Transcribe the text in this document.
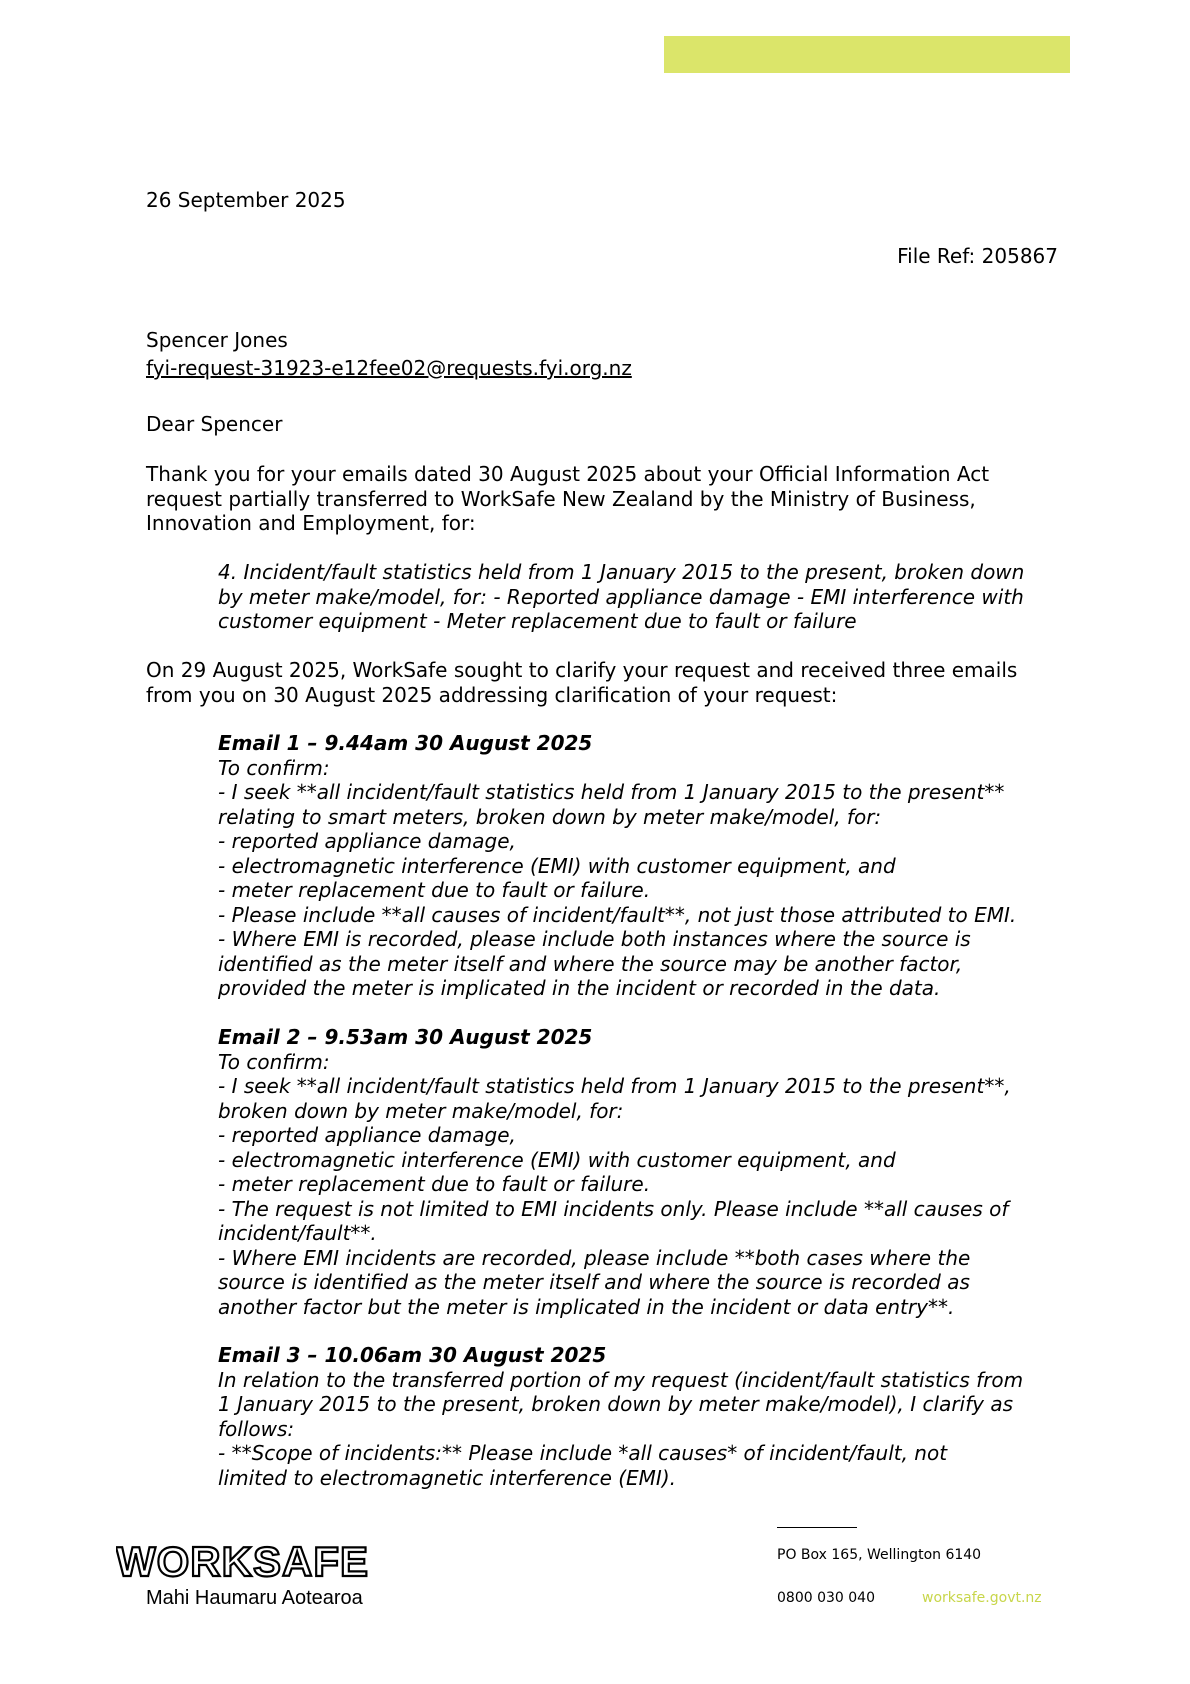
26 September 2025
File Ref: 205867
Spencer Jones
fyi-request-31923-e12fee02@requests.fyi.org.nz
Dear Spencer
Thank you for your emails dated 30 August 2025 about your Official Information Act
request partially transferred to WorkSafe New Zealand by the Ministry of Business,
Innovation and Employment, for:
4. Incident/fault statistics held from 1 January 2015 to the present, broken down
by meter make/model, for: - Reported appliance damage - EMI interference with
customer equipment - Meter replacement due to fault or failure
On 29 August 2025, WorkSafe sought to clarify your request and received three emails
from you on 30 August 2025 addressing clarification of your request:
Email 1 – 9.44am 30 August 2025
To confirm:
- I seek **all incident/fault statistics held from 1 January 2015 to the present**
relating to smart meters, broken down by meter make/model, for:
- reported appliance damage,
- electromagnetic interference (EMI) with customer equipment, and
- meter replacement due to fault or failure.
- Please include **all causes of incident/fault**, not just those attributed to EMI.
- Where EMI is recorded, please include both instances where the source is
identified as the meter itself and where the source may be another factor,
provided the meter is implicated in the incident or recorded in the data.
Email 2 – 9.53am 30 August 2025
To confirm:
- I seek **all incident/fault statistics held from 1 January 2015 to the present**,
broken down by meter make/model, for:
- reported appliance damage,
- electromagnetic interference (EMI) with customer equipment, and
- meter replacement due to fault or failure.
- The request is not limited to EMI incidents only. Please include **all causes of
incident/fault**.
- Where EMI incidents are recorded, please include **both cases where the
source is identified as the meter itself and where the source is recorded as
another factor but the meter is implicated in the incident or data entry**.
Email 3 – 10.06am 30 August 2025
In relation to the transferred portion of my request (incident/fault statistics from
1 January 2015 to the present, broken down by meter make/model), I clarify as
follows:
- **Scope of incidents:** Please include *all causes* of incident/fault, not
limited to electromagnetic interference (EMI).
WORKSAFE
Mahi Haumaru Aotearoa
PO Box 165, Wellington 6140
0800 030 040	worksafe.govt.nz
